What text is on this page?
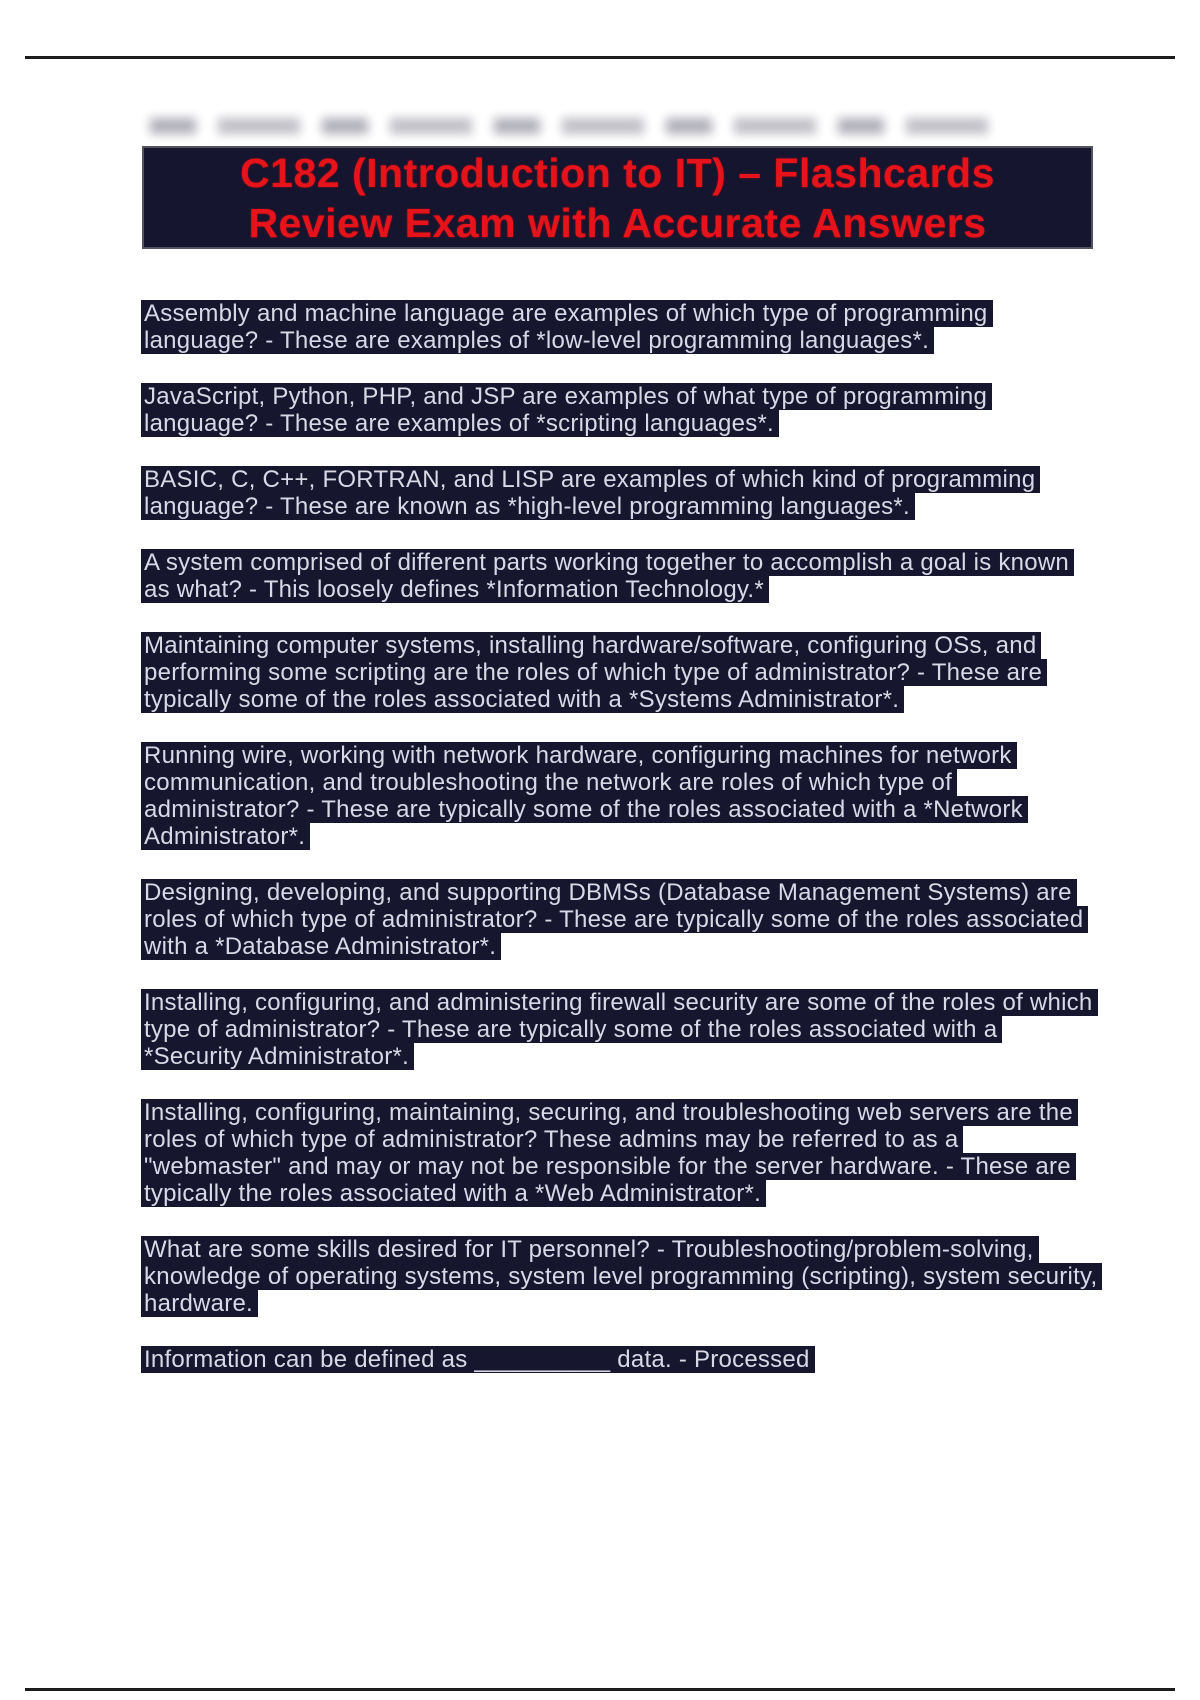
C182 (Introduction to IT) – Flashcards
Review Exam with Accurate Answers
Assembly and machine language are examples of which type of programming
language? - These are examples of *low-level programming languages*.
JavaScript, Python, PHP, and JSP are examples of what type of programming
language? - These are examples of *scripting languages*.
BASIC, C, C++, FORTRAN, and LISP are examples of which kind of programming
language? - These are known as *high-level programming languages*.
A system comprised of different parts working together to accomplish a goal is known
as what? - This loosely defines *Information Technology.*
Maintaining computer systems, installing hardware/software, configuring OSs, and
performing some scripting are the roles of which type of administrator? - These are
typically some of the roles associated with a *Systems Administrator*.
Running wire, working with network hardware, configuring machines for network
communication, and troubleshooting the network are roles of which type of
administrator? - These are typically some of the roles associated with a *Network
Administrator*.
Designing, developing, and supporting DBMSs (Database Management Systems) are
roles of which type of administrator? - These are typically some of the roles associated
with a *Database Administrator*.
Installing, configuring, and administering firewall security are some of the roles of which
type of administrator? - These are typically some of the roles associated with a
*Security Administrator*.
Installing, configuring, maintaining, securing, and troubleshooting web servers are the
roles of which type of administrator? These admins may be referred to as a
"webmaster" and may or may not be responsible for the server hardware. - These are
typically the roles associated with a *Web Administrator*.
What are some skills desired for IT personnel? - Troubleshooting/problem-solving,
knowledge of operating systems, system level programming (scripting), system security,
hardware.
Information can be defined as __________ data. - Processed
